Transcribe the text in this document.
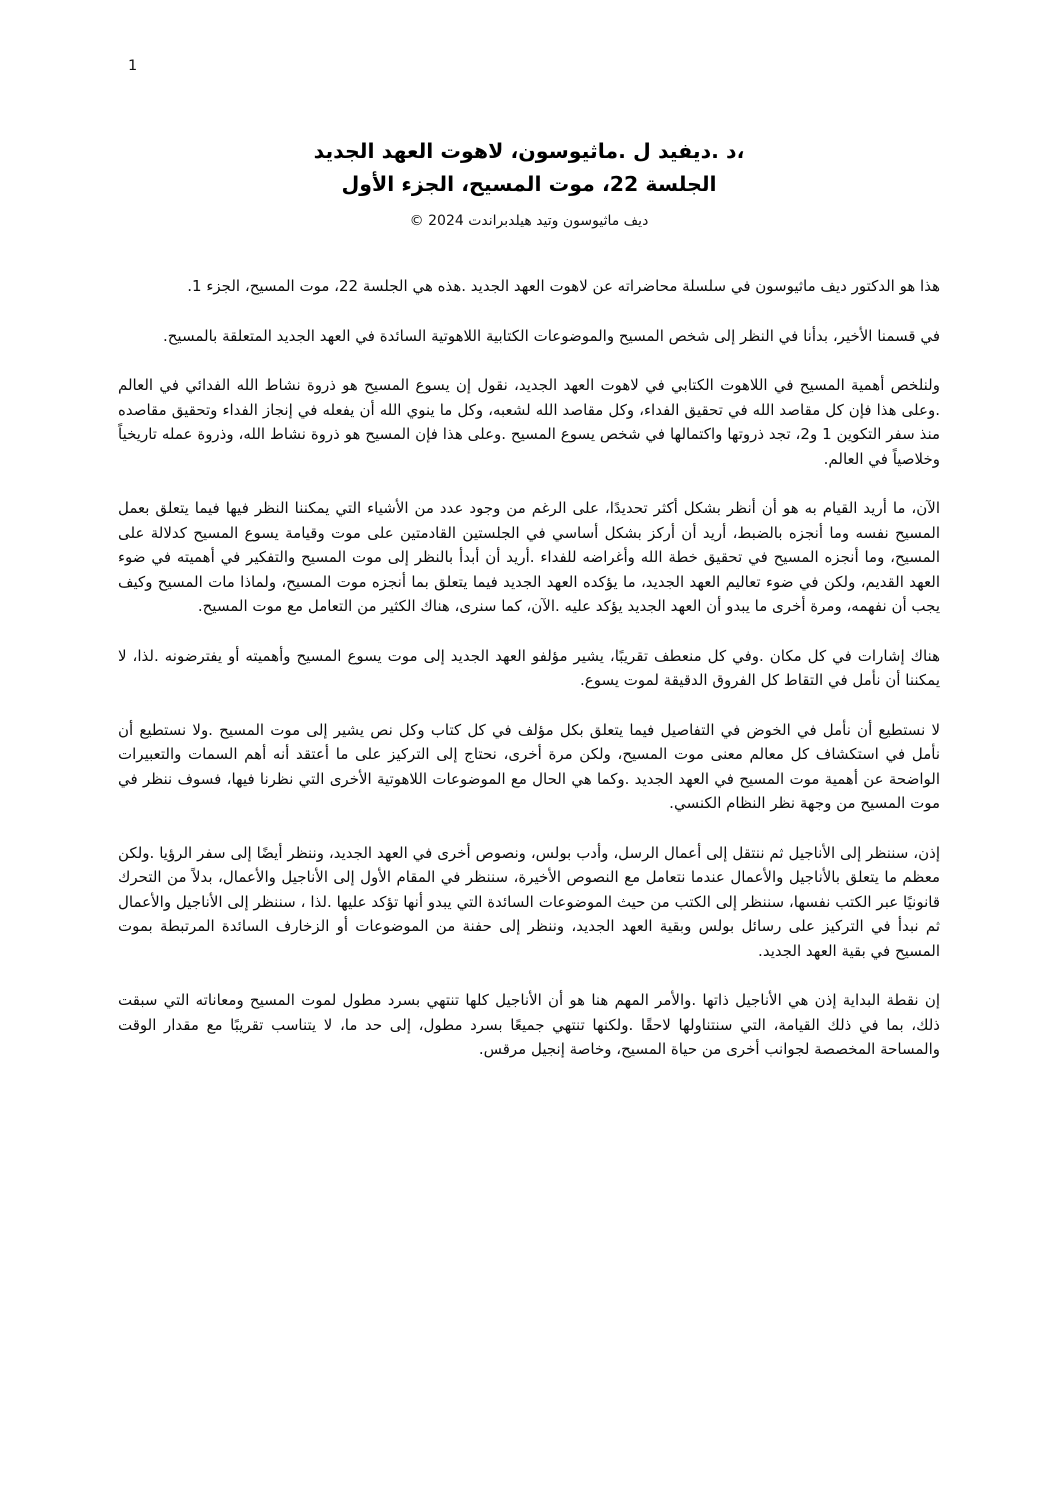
1
،د .ديفيد ل .ماثيوسون، لاهوت العهد الجديد
الجلسة 22، موت المسيح، الجزء الأول
ديف ماثيوسون وتيد هيلدبراندت 2024 ©

هذا هو الدكتور ديف ماثيوسون في سلسلة محاضراته عن لاهوت العهد الجديد .هذه هي الجلسة 22، موت المسيح، الجزء 1.

في قسمنا الأخير، بدأنا في النظر إلى شخص المسيح والموضوعات الكتابية اللاهوتية السائدة في العهد الجديد المتعلقة بالمسيح.

ولنلخص أهمية المسيح في اللاهوت الكتابي في لاهوت العهد الجديد، نقول إن يسوع المسيح هو ذروة نشاط الله الفدائي في العالم .وعلى هذا فإن كل مقاصد الله في تحقيق الفداء، وكل مقاصد الله لشعبه، وكل ما ينوي الله أن يفعله في إنجاز الفداء وتحقيق مقاصده منذ سفر التكوين 1 و2، تجد ذروتها واكتمالها في شخص يسوع المسيح .وعلى هذا فإن المسيح هو ذروة نشاط الله، وذروة عمله تاريخياً وخلاصياً في العالم.

الآن، ما أريد القيام به هو أن أنظر بشكل أكثر تحديدًا، على الرغم من وجود عدد من الأشياء التي يمكننا النظر فيها فيما يتعلق بعمل المسيح نفسه وما أنجزه بالضبط، أريد أن أركز بشكل أساسي في الجلستين القادمتين على موت وقيامة يسوع المسيح كدلالة على المسيح، وما أنجزه المسيح في تحقيق خطة الله وأغراضه للفداء .أريد أن أبدأ بالنظر إلى موت المسيح والتفكير في أهميته في ضوء العهد القديم، ولكن في ضوء تعاليم العهد الجديد، ما يؤكده العهد الجديد فيما يتعلق بما أنجزه موت المسيح، ولماذا مات المسيح وكيف يجب أن نفهمه، ومرة أخرى ما يبدو أن العهد الجديد يؤكد عليه .الآن، كما سنرى، هناك الكثير من التعامل مع موت المسيح.

هناك إشارات في كل مكان .وفي كل منعطف تقريبًا، يشير مؤلفو العهد الجديد إلى موت يسوع المسيح وأهميته أو يفترضونه .لذا، لا يمكننا أن نأمل في التقاط كل الفروق الدقيقة لموت يسوع.

لا نستطيع أن نأمل في الخوض في التفاصيل فيما يتعلق بكل مؤلف في كل كتاب وكل نص يشير إلى موت المسيح .ولا نستطيع أن نأمل في استكشاف كل معالم معنى موت المسيح، ولكن مرة أخرى، نحتاج إلى التركيز على ما أعتقد أنه أهم السمات والتعبيرات الواضحة عن أهمية موت المسيح في العهد الجديد .وكما هي الحال مع الموضوعات اللاهوتية الأخرى التي نظرنا فيها، فسوف ننظر في موت المسيح من وجهة نظر النظام الكنسي.

إذن، سننظر إلى الأناجيل ثم ننتقل إلى أعمال الرسل، وأدب بولس، ونصوص أخرى في العهد الجديد، وننظر أيضًا إلى سفر الرؤيا .ولكن معظم ما يتعلق بالأناجيل والأعمال عندما نتعامل مع النصوص الأخيرة، سننظر في المقام الأول إلى الأناجيل والأعمال، بدلاً من التحرك قانونيًا عبر الكتب نفسها، سننظر إلى الكتب من حيث الموضوعات السائدة التي يبدو أنها تؤكد عليها .لذا ، سننظر إلى الأناجيل والأعمال ثم نبدأ في التركيز على رسائل بولس وبقية العهد الجديد، وننظر إلى حفنة من الموضوعات أو الزخارف السائدة المرتبطة بموت المسيح في بقية العهد الجديد.

إن نقطة البداية إذن هي الأناجيل ذاتها .والأمر المهم هنا هو أن الأناجيل كلها تنتهي بسرد مطول لموت المسيح ومعاناته التي سبقت ذلك، بما في ذلك القيامة، التي سنتناولها لاحقًا .ولكنها تنتهي جميعًا بسرد مطول، إلى حد ما، لا يتناسب تقريبًا مع مقدار الوقت والمساحة المخصصة لجوانب أخرى من حياة المسيح، وخاصة إنجيل مرقس.
